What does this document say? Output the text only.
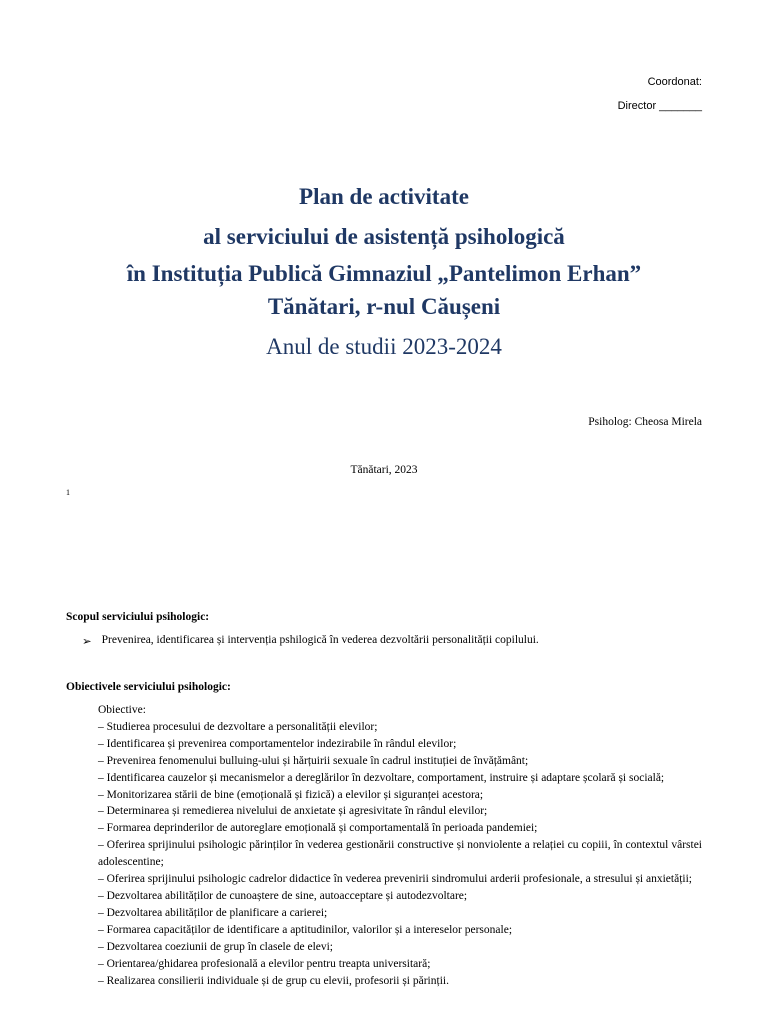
Coordonat:
Director _______
Plan de activitate
al serviciului de asistență psihologică
în Instituția Publică Gimnaziul „Pantelimon Erhan”
Tănătari, r-nul Căușeni
Anul de studii 2023-2024
Psiholog: Cheosa Mirela
Tănătari, 2023
1
Scopul serviciului psihologic:
➢ Prevenirea, identificarea și intervenția pshilogică în vederea dezvoltării personalității copilului.
Obiectivele serviciului psihologic:
Obiective:
– Studierea procesului de dezvoltare a personalității elevilor;
– Identificarea și prevenirea comportamentelor indezirabile în rândul elevilor;
– Prevenirea fenomenului bulluing-ului și hărțuirii sexuale în cadrul instituției de învățământ;
– Identificarea cauzelor și mecanismelor a dereglărilor în dezvoltare, comportament, instruire și adaptare școlară și socială;
– Monitorizarea stării de bine (emoțională și fizică) a elevilor și siguranței acestora;
– Determinarea și remedierea nivelului de anxietate și agresivitate în rândul elevilor;
– Formarea deprinderilor de autoreglare emoțională și comportamentală în perioada pandemiei;
– Oferirea sprijinului psihologic părinților în vederea gestionării constructive și nonviolente a relației cu copiii, în contextul vârstei adolescentine;
– Oferirea sprijinului psihologic cadrelor didactice în vederea prevenirii sindromului arderii profesionale, a stresului și anxietății;
– Dezvoltarea abilităților de cunoaștere de sine, autoacceptare și autodezvoltare;
– Dezvoltarea abilităților de planificare a carierei;
– Formarea capacităților de identificare a aptitudinilor, valorilor și a intereselor personale;
– Dezvoltarea coeziunii de grup în clasele de elevi;
– Orientarea/ghidarea profesională a elevilor pentru treapta universitară;
– Realizarea consilierii individuale și de grup cu elevii, profesorii și părinții.
